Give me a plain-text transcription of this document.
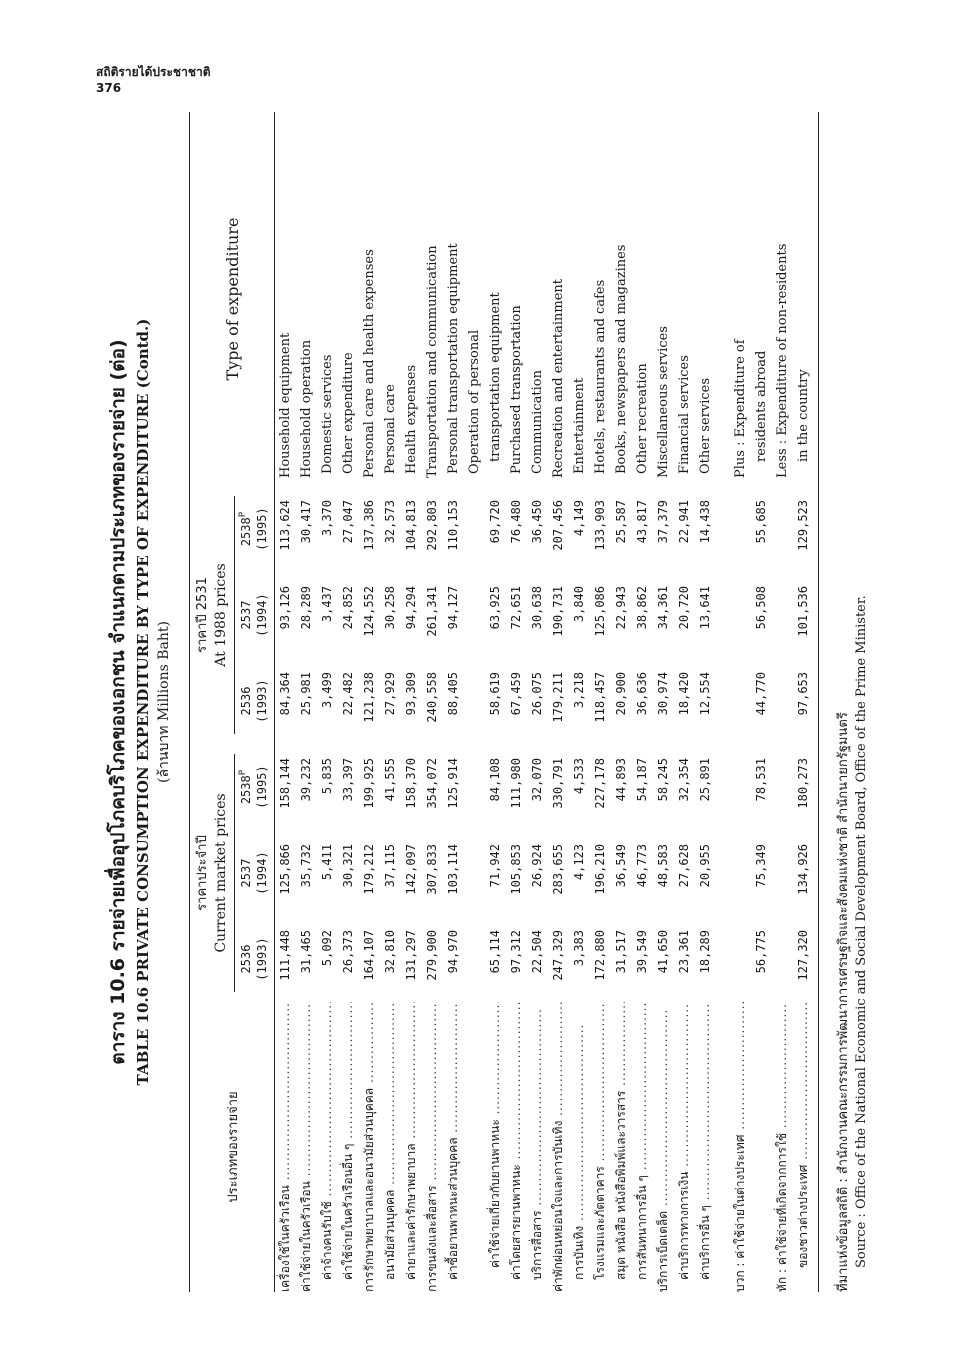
สถิติรายได้ประชาชาติ
376
ตาราง 10.6 รายจ่ายเพื่ออุปโภคบริโภคของเอกชน จำแนกตามประเภทของรายจ่าย (ต่อ) TABLE 10.6 PRIVATE CONSUMPTION EXPENDITURE BY TYPE OF EXPENDITURE (Contd.) (ล้านบาท Millions Baht)

ประเภทของรายจ่าย	ราคาประจำปี Current market prices			ราคาปี 2531 At 1988 prices			Type of expenditure
	2536 (1993)	2537 (1994)	$2538^P$ (1995)	2536 (1993)	2537 (1994)	$2538^P$ (1995)	

เครื่องใช้ในครัวเรือน .....	111,448	125,866	158,144	84,364	93,126	113,624	Household equipment
ค่าใช้จ่ายในครัวเรือน .....	31,465	35,732	39,232	25,981	28,289	30,417	Household operation
ค่าจ้างคนรับใช้ .....	5,092	5,411	5,835	3,499	3,437	3,370	Domestic services
ค่าใช้จ่ายในครัวเรือนอื่น ๆ .....	26,373	30,321	33,397	22,482	24,852	27,047	Other expenditure
การรักษาพยาบาลและอนามัยส่วนบุคคล .....	164,107	179,212	199,925	121,238	124,552	137,386	Personal care and health expenses
อนามัยส่วนบุคคล .....	32,810	37,115	41,555	27,929	30,258	32,573	Personal care
ค่ายาและค่ารักษาพยาบาล .....	131,297	142,097	158,370	93,309	94,294	104,813	Health expenses
การขนส่งและสื่อสาร .....	279,900	307,833	354,072	240,558	261,341	292,803	Transportation and communication
ค่าซื้อยานพาหนะส่วนบุคคล .....	94,970	103,114	125,914	88,405	94,127	110,153	Personal transportation equipment
							Operation of personal
ค่าใช้จ่ายเกี่ยวกับยานพาหนะ .....	65,114	71,942	84,108	58,619	63,925	69,720	transportation equipment
ค่าโดยสารยานพาหนะ .....	97,312	105,853	111,980	67,459	72,651	76,480	Purchased transportation
บริการสื่อสาร .....	22,504	26,924	32,070	26,075	30,638	36,450	Communication
ค่าพักผ่อนหย่อนใจและการบันเทิง .....	247,329	283,655	330,791	179,211	190,731	207,456	Recreation and entertainment
การบันเทิง .....	3,383	4,123	4,533	3,218	3,840	4,149	Entertainment
โรงแรมและภัตตาคาร .....	172,880	196,210	227,178	118,457	125,086	133,903	Hotels, restaurants and cafes
สมุด หนังสือ หนังสือพิมพ์และวารสาร .....	31,517	36,549	44,893	20,900	22,943	25,587	Books, newspapers and magazines
การสันทนาการอื่น ๆ .....	39,549	46,773	54,187	36,636	38,862	43,817	Other recreation
บริการเบ็ดเตล็ด .....	41,650	48,583	58,245	30,974	34,361	37,379	Miscellaneous services
ค่าบริการทางการเงิน .....	23,361	27,628	32,354	18,420	20,720	22,941	Financial services
ค่าบริการอื่น ๆ .....	18,289	20,955	25,891	12,554	13,641	14,438	Other services

บวก : ค่าใช้จ่ายในต่างประเทศ .....							Plus : Expenditure of
	56,775	75,349	78,531	44,770	56,508	55,685	residents abroad
หัก : ค่าใช้จ่ายที่เกิดจากการใช้ .....							Less : Expenditure of non-residents
ของชาวต่างประเทศ .....	127,320	134,926	180,273	97,653	101,536	129,523	in the country

ที่มาแห่งข้อมูลสถิติ : สำนักงานคณะกรรมการพัฒนาการเศรษฐกิจและสังคมแห่งชาติ สำนักนายกรัฐมนตรี Source : Office of the National Economic and Social Development Board, Office of the Prime Minister.
